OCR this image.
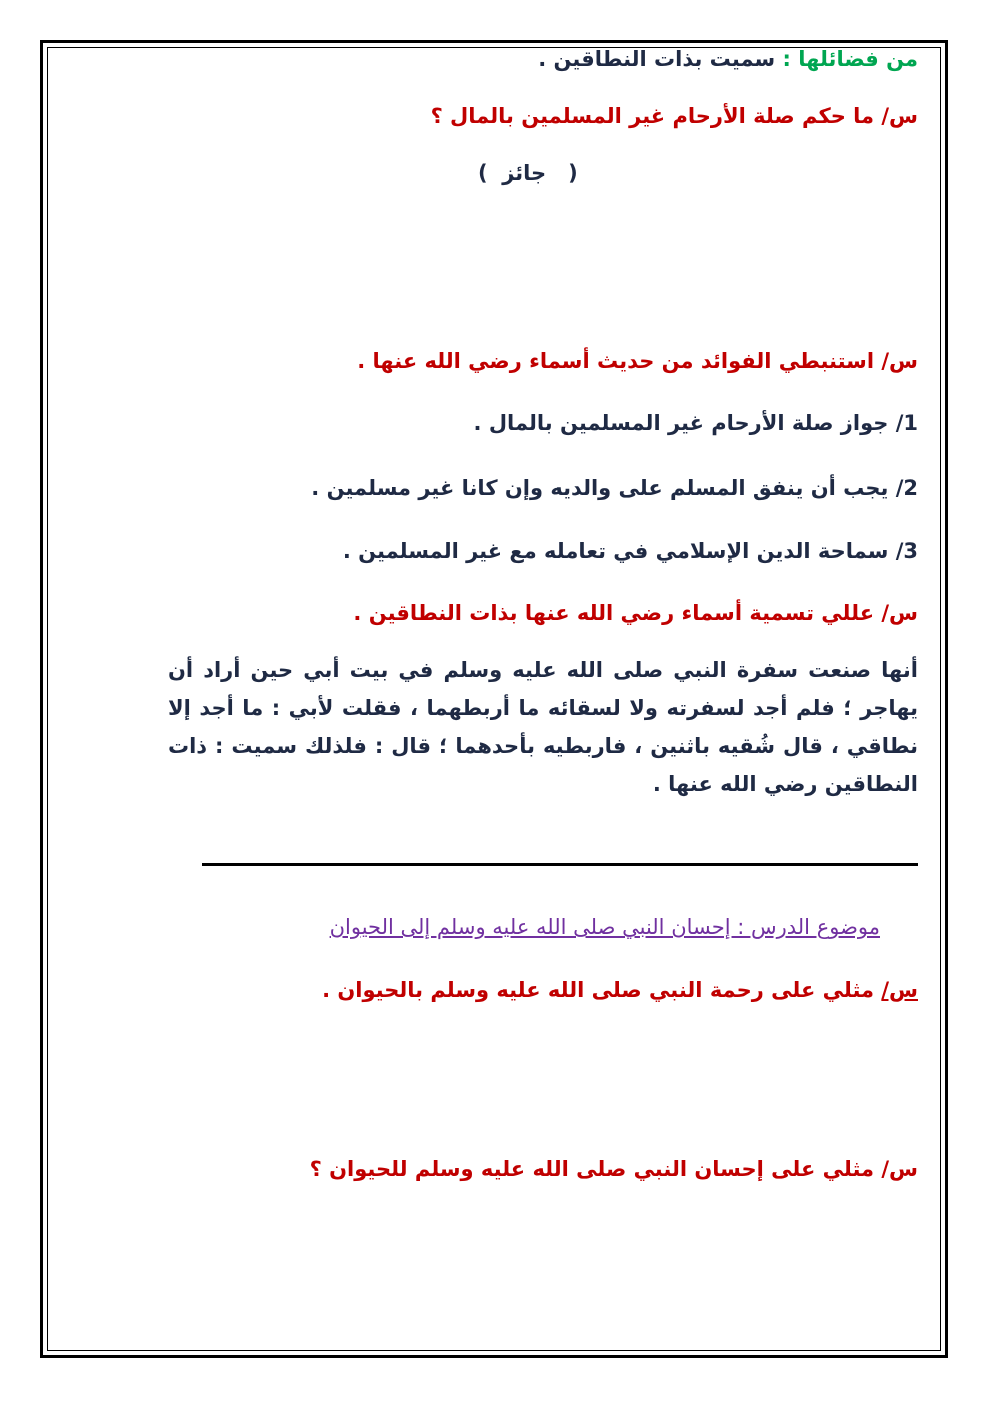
من فضائلها : سميت بذات النطاقين .
س/ ما حكم صلة الأرحام غير المسلمين بالمال ؟
(   جائز  )
س/ استنبطي الفوائد من حديث أسماء رضي الله عنها .
1/ جواز صلة الأرحام غير المسلمين بالمال .
2/ يجب أن ينفق المسلم على والديه وإن كانا غير مسلمين .
3/ سماحة الدين الإسلامي في تعامله مع غير المسلمين .
س/ عللي تسمية أسماء رضي الله عنها بذات النطاقين .
أنها صنعت سفرة النبي صلى الله عليه وسلم في بيت أبي حين أراد أن يهاجر ؛ فلم أجد لسفرته ولا لسقائه ما أربطهما ، فقلت لأبي : ما أجد إلا نطاقي ، قال شُقيه باثنين ، فاربطيه بأحدهما ؛ قال : فلذلك سميت : ذات النطاقين رضي الله عنها .
موضوع الدرس : إحسان النبي صلى الله عليه وسلم إلى الحيوان
س/ مثلي على رحمة النبي صلى الله عليه وسلم بالحيوان .
س/ مثلي على إحسان النبي صلى الله عليه وسلم للحيوان ؟
